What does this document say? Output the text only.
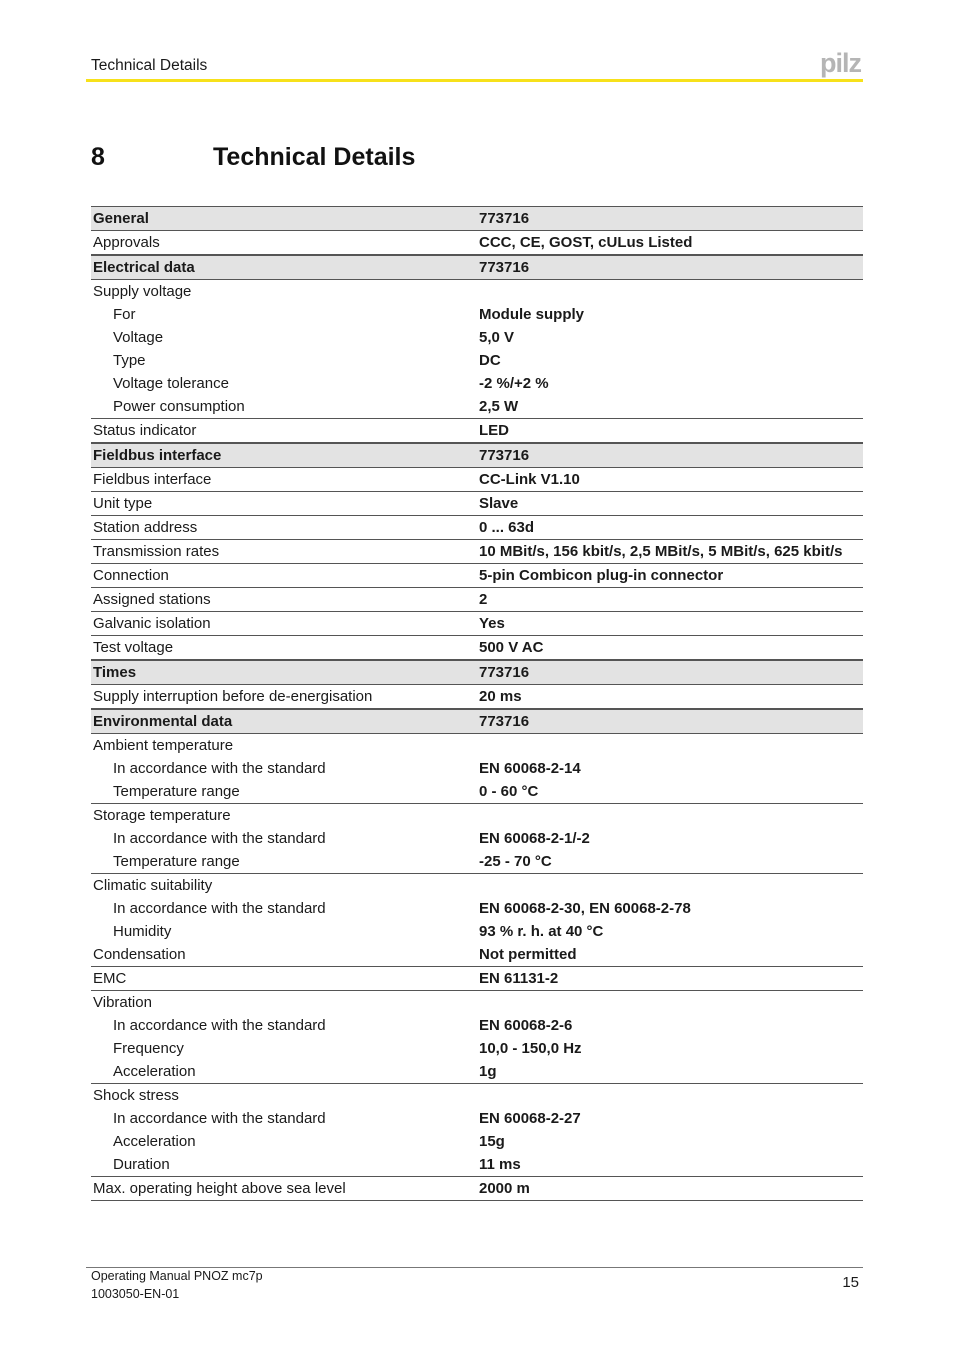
Technical Details	pilz
8	Technical Details
General	773716
Approvals	CCC, CE, GOST, cULus Listed
Electrical data	773716
Supply voltage
For	Module supply
Voltage	5,0 V
Type	DC
Voltage tolerance	-2 %/+2 %
Power consumption	2,5 W
Status indicator	LED
Fieldbus interface	773716
Fieldbus interface	CC-Link V1.10
Unit type	Slave
Station address	0 ... 63d
Transmission rates	10 MBit/s, 156 kbit/s, 2,5 MBit/s, 5 MBit/s, 625 kbit/s
Connection	5-pin Combicon plug-in connector
Assigned stations	2
Galvanic isolation	Yes
Test voltage	500 V AC
Times	773716
Supply interruption before de-energisation	20 ms
Environmental data	773716
Ambient temperature
In accordance with the standard	EN 60068-2-14
Temperature range	0 - 60 °C
Storage temperature
In accordance with the standard	EN 60068-2-1/-2
Temperature range	-25 - 70 °C
Climatic suitability
In accordance with the standard	EN 60068-2-30, EN 60068-2-78
Humidity	93 % r. h. at 40 °C
Condensation	Not permitted
EMC	EN 61131-2
Vibration
In accordance with the standard	EN 60068-2-6
Frequency	10,0 - 150,0 Hz
Acceleration	1g
Shock stress
In accordance with the standard	EN 60068-2-27
Acceleration	15g
Duration	11 ms
Max. operating height above sea level	2000 m
Operating Manual PNOZ mc7p
1003050-EN-01
15
